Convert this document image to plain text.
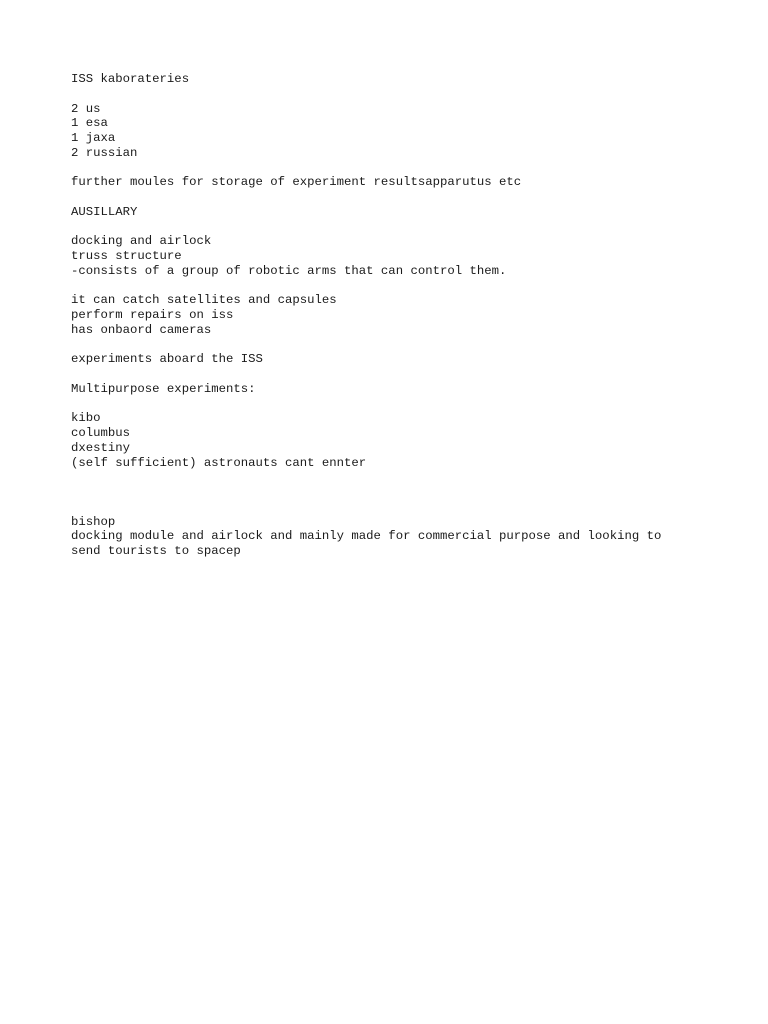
ISS kaborateries
2 us
1 esa
1 jaxa
2 russian
further moules for storage of experiment resultsapparutus etc
AUSILLARY
docking and airlock
truss structure
-consists of a group of robotic arms that can control them.
it can catch satellites and capsules
perform repairs on iss
has onbaord cameras
experiments aboard the ISS
Multipurpose experiments:
kibo
columbus
dxestiny
(self sufficient) astronauts cant ennter
bishop
docking module and airlock and mainly made for commercial purpose and looking to
send tourists to spacep
